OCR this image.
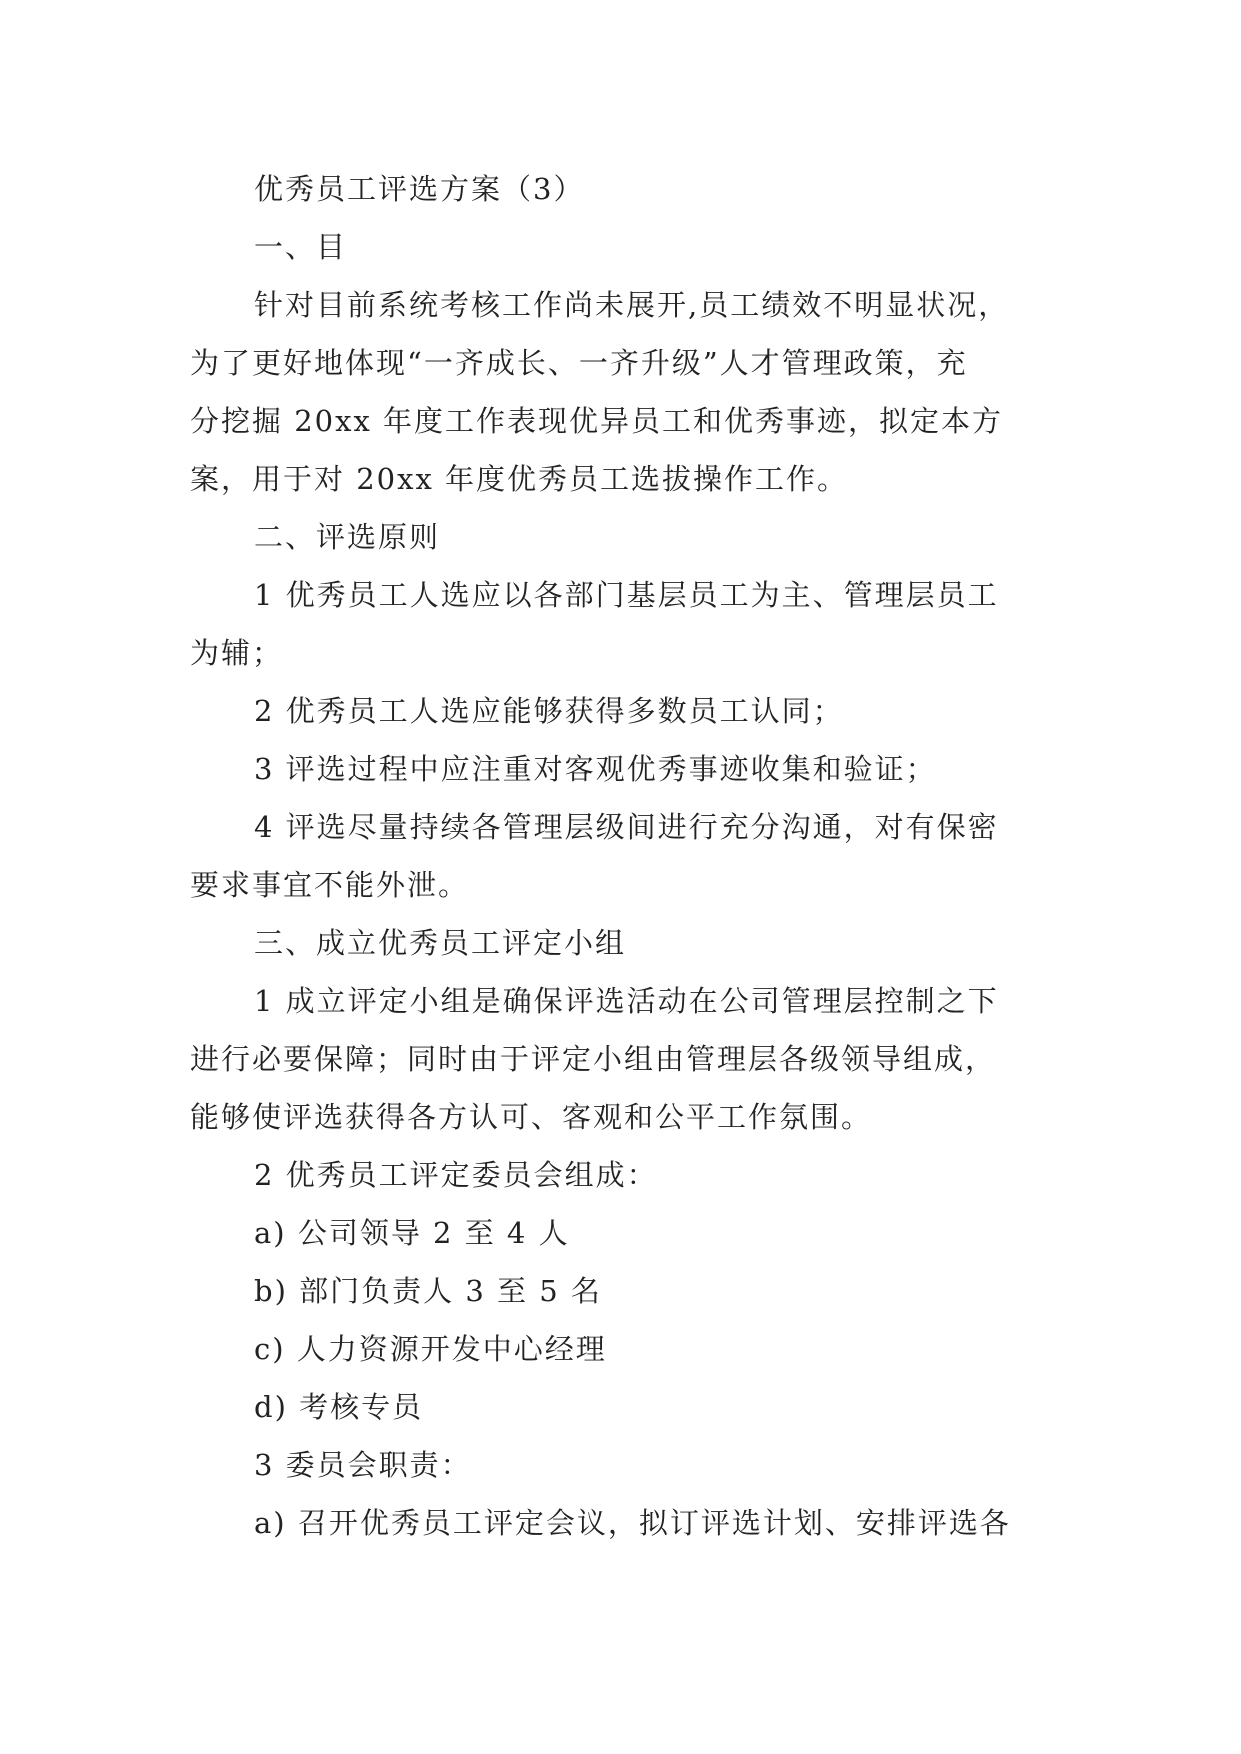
优秀员工评选方案（3）
一、目
针对目前系统考核工作尚未展开,员工绩效不明显状况，
为了更好地体现“一齐成长、一齐升级”人才管理政策，充
分挖掘 20xx 年度工作表现优异员工和优秀事迹，拟定本方
案，用于对 20xx 年度优秀员工选拔操作工作。
二、评选原则
1 优秀员工人选应以各部门基层员工为主、管理层员工
为辅；
2 优秀员工人选应能够获得多数员工认同；
3 评选过程中应注重对客观优秀事迹收集和验证；
4 评选尽量持续各管理层级间进行充分沟通，对有保密
要求事宜不能外泄。
三、成立优秀员工评定小组
1 成立评定小组是确保评选活动在公司管理层控制之下
进行必要保障；同时由于评定小组由管理层各级领导组成，
能够使评选获得各方认可、客观和公平工作氛围。
2 优秀员工评定委员会组成：
a) 公司领导 2 至 4 人
b) 部门负责人 3 至 5 名
c) 人力资源开发中心经理
d) 考核专员
3 委员会职责：
a) 召开优秀员工评定会议，拟订评选计划、安排评选各
